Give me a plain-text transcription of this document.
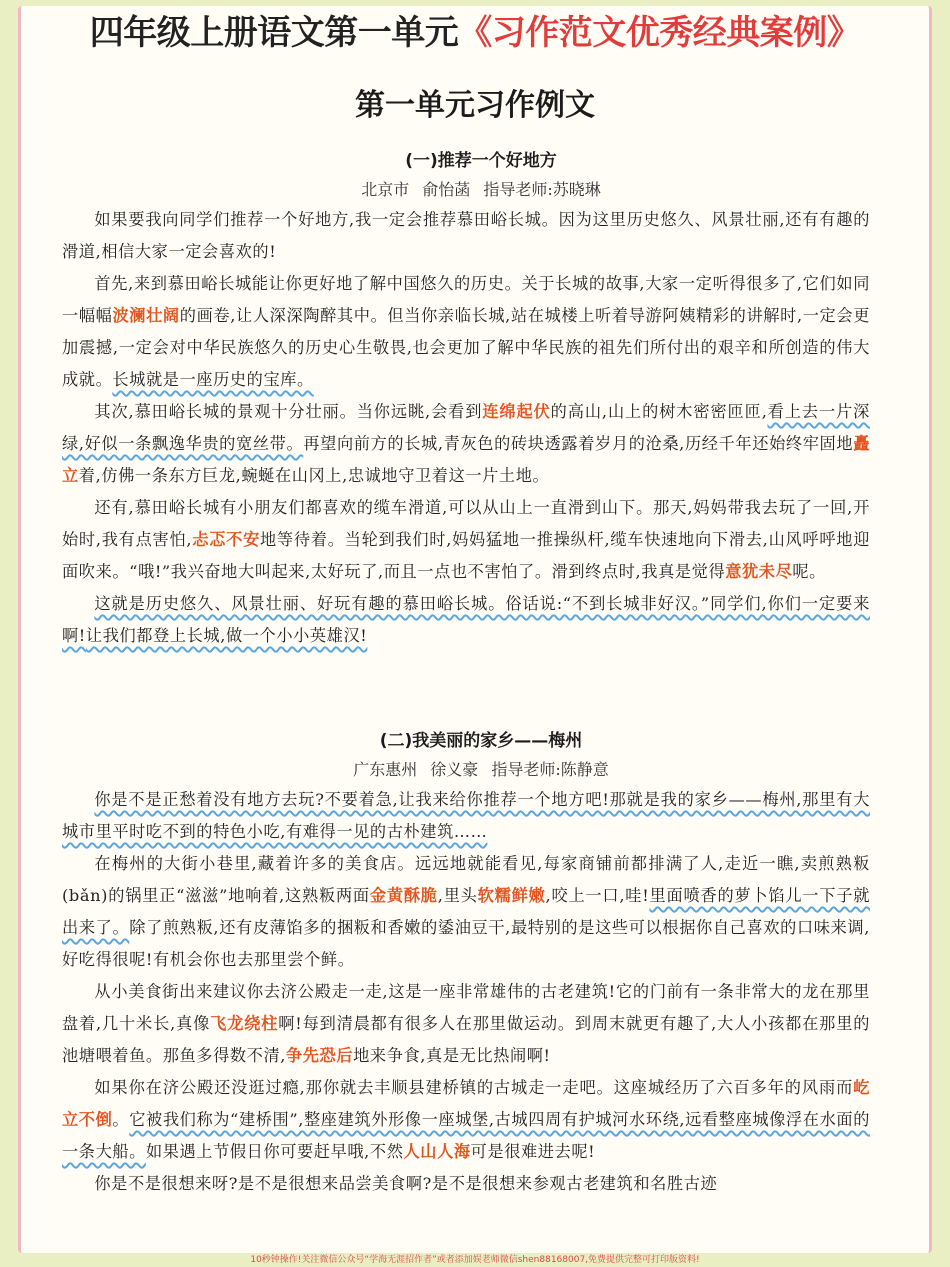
四年级上册语文第一单元《习作范文优秀经典案例》
第一单元习作例文
(一)推荐一个好地方
北京市 俞怡菡 指导老师:苏晓琳

如果要我向同学们推荐一个好地方,我一定会推荐慕田峪长城。因为这里历史悠久、风景壮丽,还有有趣的滑道,相信大家一定会喜欢的!

首先,来到慕田峪长城能让你更好地了解中国悠久的历史。关于长城的故事,大家一定听得很多了,它们如同一幅幅波澜壮阔的画卷,让人深深陶醉其中。但当你亲临长城,站在城楼上听着导游阿姨精彩的讲解时,一定会更加震撼,一定会对中华民族悠久的历史心生敬畏,也会更加了解中华民族的祖先们所付出的艰辛和所创造的伟大成就。长城就是一座历史的宝库。

其次,慕田峪长城的景观十分壮丽。当你远眺,会看到连绵起伏的高山,山上的树木密密匝匝,看上去一片深绿,好似一条飘逸华贵的宽丝带。再望向前方的长城,青灰色的砖块透露着岁月的沧桑,历经千年还始终牢固地矗立着,仿佛一条东方巨龙,蜿蜒在山冈上,忠诚地守卫着这一片土地。

还有,慕田峪长城有小朋友们都喜欢的缆车滑道,可以从山上一直滑到山下。那天,妈妈带我去玩了一回,开始时,我有点害怕,忐忑不安地等待着。当轮到我们时,妈妈猛地一推操纵杆,缆车快速地向下滑去,山风呼呼地迎面吹来。“哦!”我兴奋地大叫起来,太好玩了,而且一点也不害怕了。滑到终点时,我真是觉得意犹未尽呢。

这就是历史悠久、风景壮丽、好玩有趣的慕田峪长城。俗话说:“不到长城非好汉。”同学们,你们一定要来啊!让我们都登上长城,做一个小小英雄汉!

(二)我美丽的家乡——梅州
广东惠州 徐义豪 指导老师:陈静意

你是不是正愁着没有地方去玩?不要着急,让我来给你推荐一个地方吧!那就是我的家乡——梅州,那里有大城市里平时吃不到的特色小吃,有难得一见的古朴建筑……

在梅州的大街小巷里,藏着许多的美食店。远远地就能看见,每家商铺前都排满了人,走近一瞧,卖煎熟粄(bǎn)的锅里正“滋滋”地响着,这熟粄两面金黄酥脆,里头软糯鲜嫩,咬上一口,哇!里面喷香的萝卜馅儿一下子就出来了。除了煎熟粄,还有皮薄馅多的捆粄和香嫩的鋈油豆干,最特别的是这些可以根据你自己喜欢的口味来调,好吃得很呢!有机会你也去那里尝个鲜。

从小美食街出来建议你去济公殿走一走,这是一座非常雄伟的古老建筑!它的门前有一条非常大的龙在那里盘着,几十米长,真像飞龙绕柱啊!每到清晨都有很多人在那里做运动。到周末就更有趣了,大人小孩都在那里的池塘喂着鱼。那鱼多得数不清,争先恐后地来争食,真是无比热闹啊!

如果你在济公殿还没逛过瘾,那你就去丰顺县建桥镇的古城走一走吧。这座城经历了六百多年的风雨而屹立不倒。它被我们称为“建桥围”,整座建筑外形像一座城堡,古城四周有护城河水环绕,远看整座城像浮在水面的一条大船。如果遇上节假日你可要赶早哦,不然人山人海可是很难进去呢!

你是不是很想来呀?是不是很想来品尝美食啊?是不是很想来参观古老建筑和名胜古迹

10秒钟操作!关注微信公众号“学海无涯招作者”或者添加娱老师微信shen88168007,免费提供完整可打印版资料!
